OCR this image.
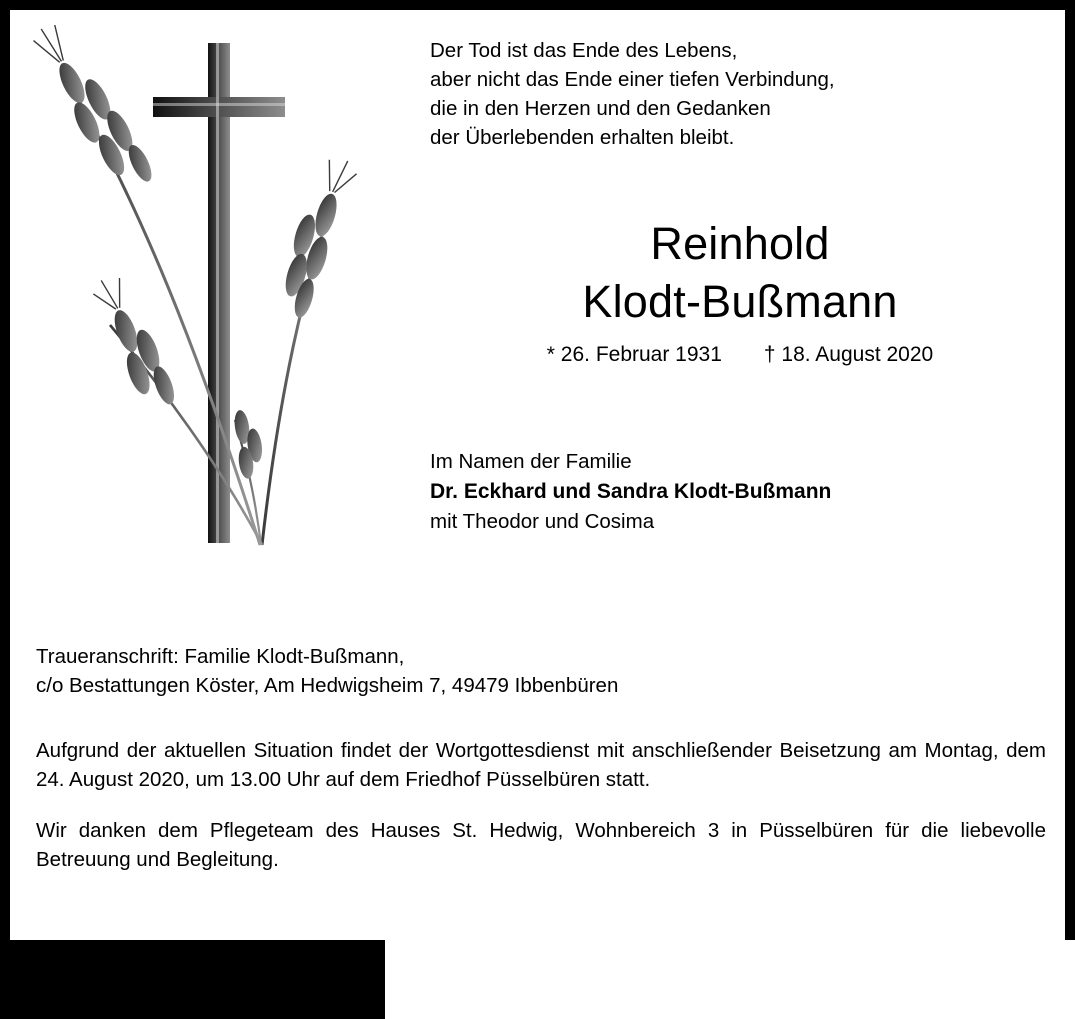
Der Tod ist das Ende des Lebens,
aber nicht das Ende einer tiefen Verbindung,
die in den Herzen und den Gedanken
der Überlebenden erhalten bleibt.
Reinhold
Klodt-Bußmann
* 26. Februar 1931 † 18. August 2020
Im Namen der Familie
Dr. Eckhard und Sandra Klodt-Bußmann
mit Theodor und Cosima

Traueranschrift: Familie Klodt-Bußmann,
c/o Bestattungen Köster, Am Hedwigsheim 7, 49479 Ibbenbüren

Aufgrund der aktuellen Situation findet der Wortgottesdienst mit anschließender Beisetzung am Montag, dem 24. August 2020, um 13.00 Uhr auf dem Friedhof Püsselbüren statt.

Wir danken dem Pflegeteam des Hauses St. Hedwig, Wohnbereich 3 in Püsselbüren für die liebevolle Betreuung und Begleitung.
